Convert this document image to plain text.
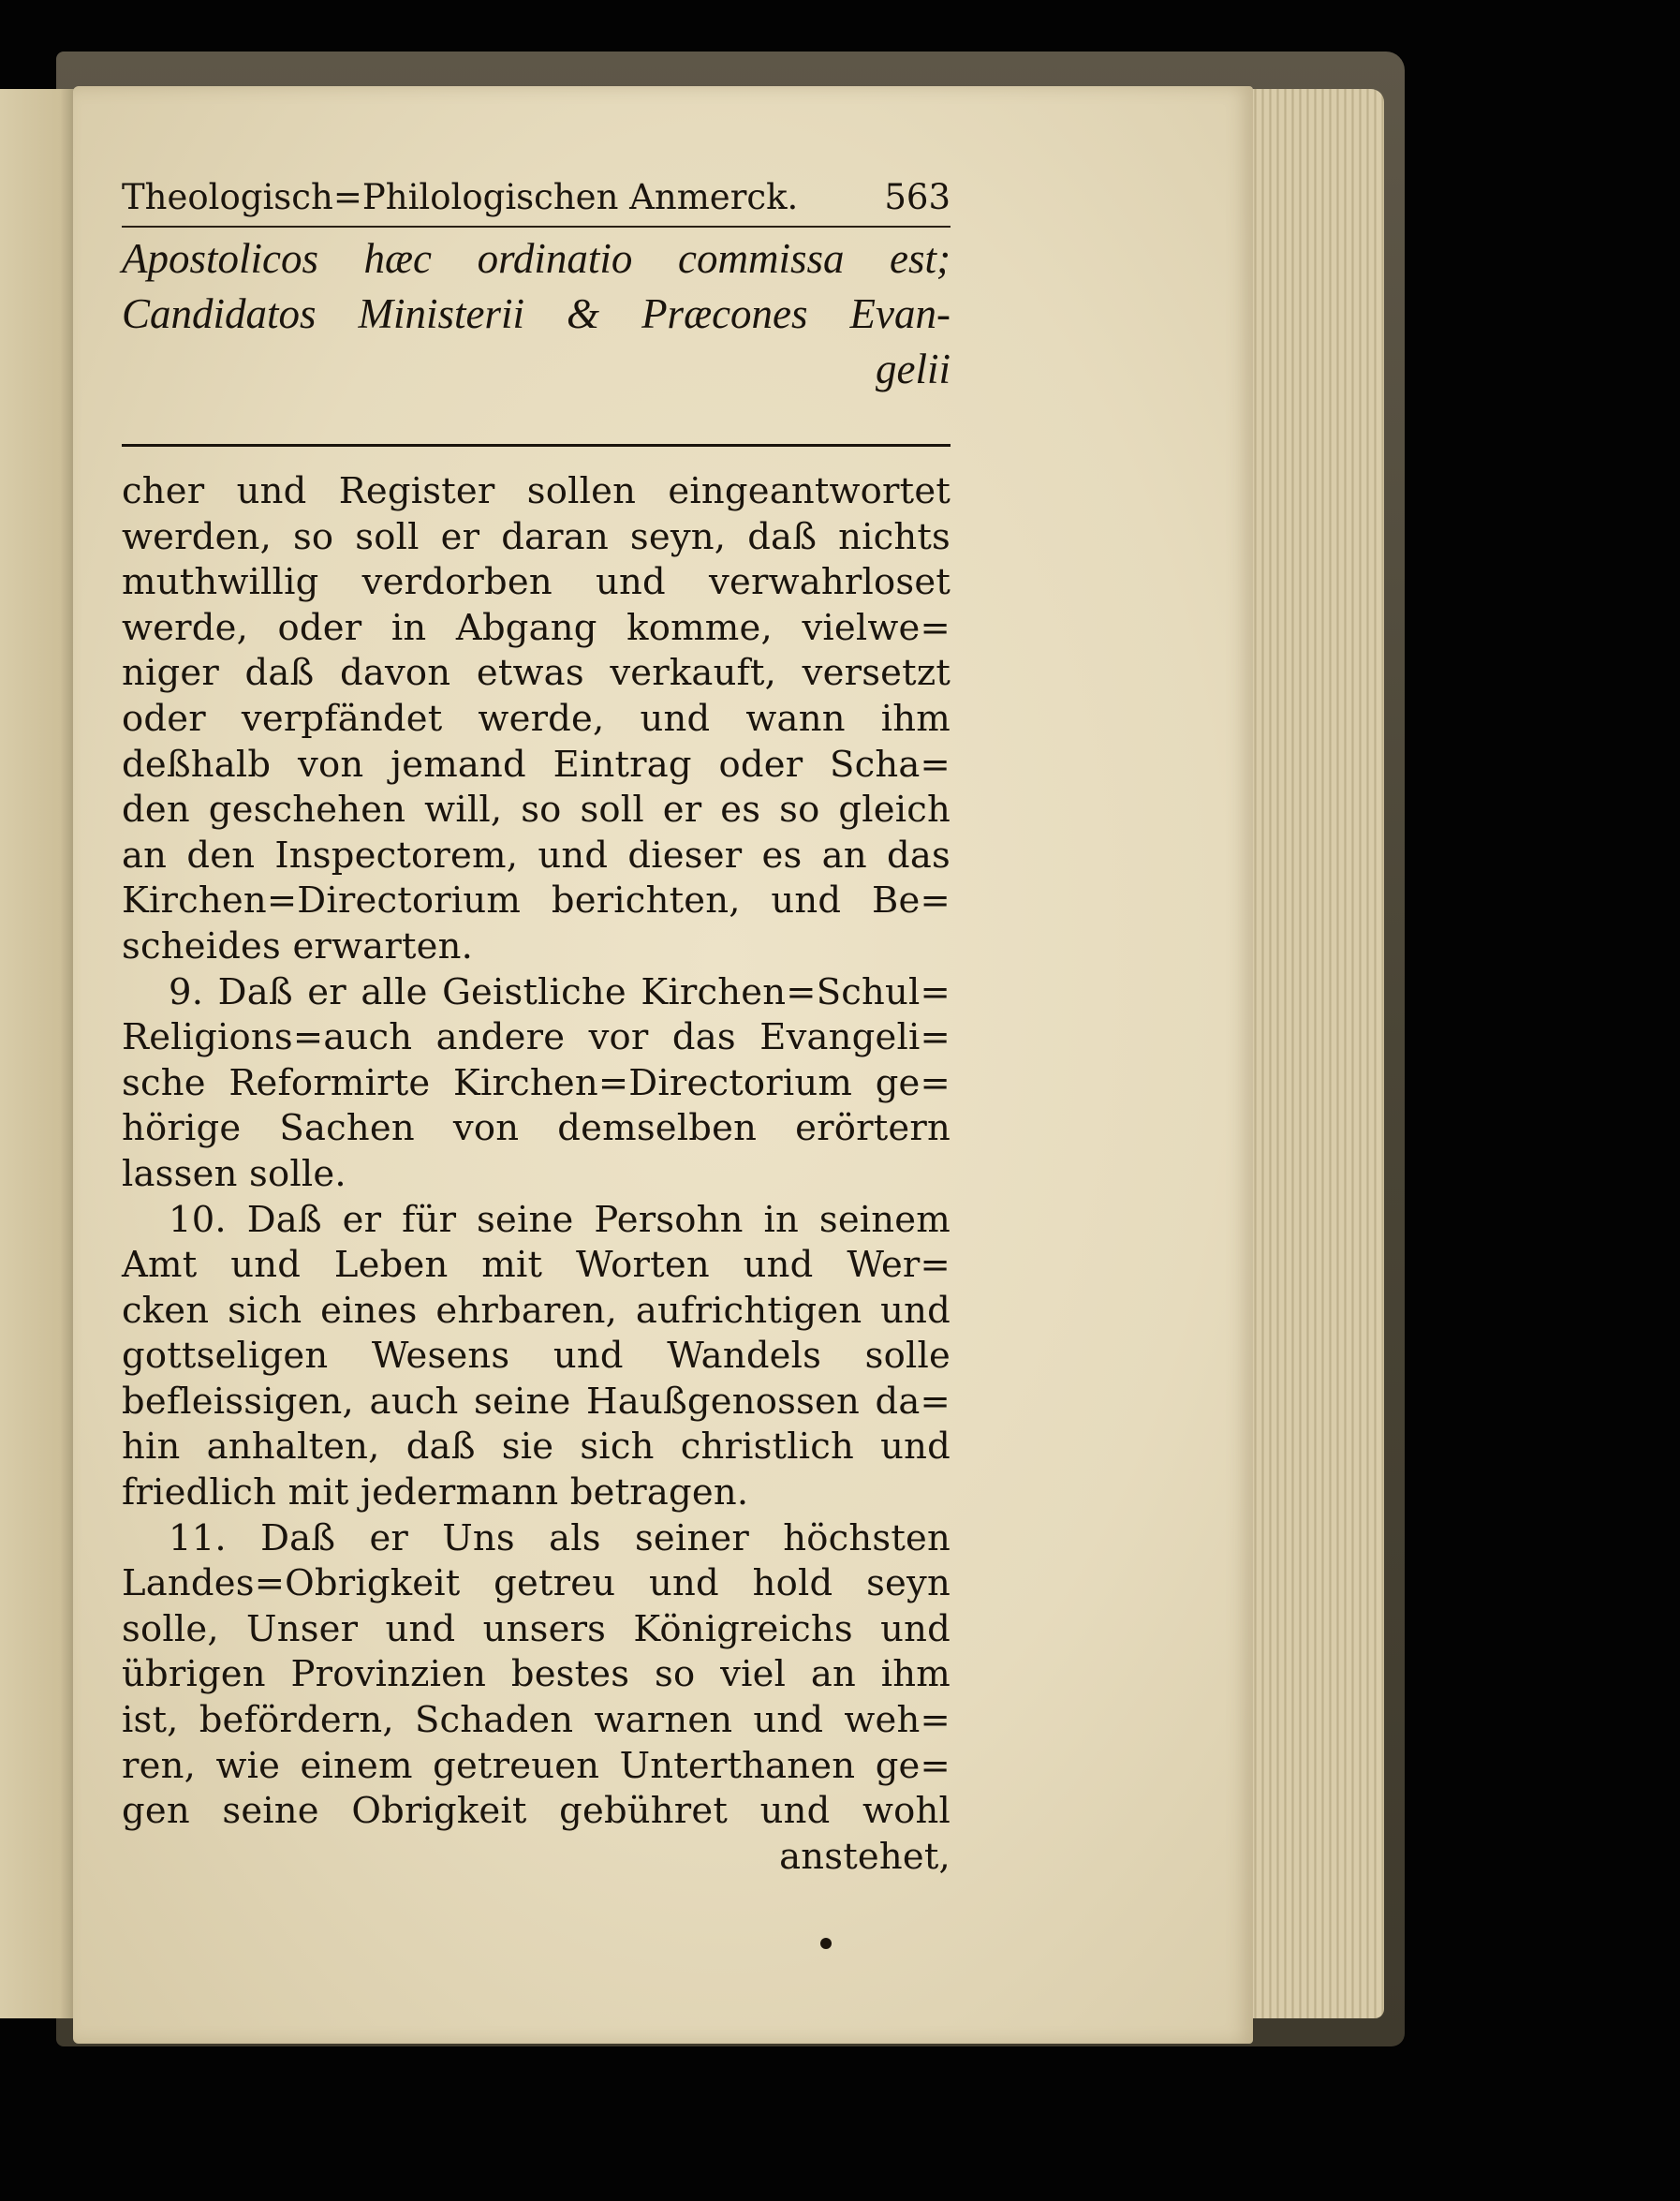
Theologisch=Philologischen Anmerck. 563
Apostolicos hæc ordinatio commissa est;
Candidatos Ministerii & Præcones Evan-
gelii
cher und Register sollen eingeantwortet
werden, so soll er daran seyn, daß nichts
muthwillig verdorben und verwahrloset
werde, oder in Abgang komme, vielwe=
niger daß davon etwas verkauft, versetzt
oder verpfändet werde, und wann ihm
deßhalb von jemand Eintrag oder Scha=
den geschehen will, so soll er es so gleich
an den Inspectorem, und dieser es an das
Kirchen=Directorium berichten, und Be=
scheides erwarten.
9. Daß er alle Geistliche Kirchen=Schul=
Religions=auch andere vor das Evangeli=
sche Reformirte Kirchen=Directorium ge=
hörige Sachen von demselben erörtern
lassen solle.
10. Daß er für seine Persohn in seinem
Amt und Leben mit Worten und Wer=
cken sich eines ehrbaren, aufrichtigen und
gottseligen Wesens und Wandels solle
befleissigen, auch seine Haußgenossen da=
hin anhalten, daß sie sich christlich und
friedlich mit jedermann betragen.
11. Daß er Uns als seiner höchsten
Landes=Obrigkeit getreu und hold seyn
solle, Unser und unsers Königreichs und
übrigen Provinzien bestes so viel an ihm
ist, befördern, Schaden warnen und weh=
ren, wie einem getreuen Unterthanen ge=
gen seine Obrigkeit gebühret und wohl
anstehet,
